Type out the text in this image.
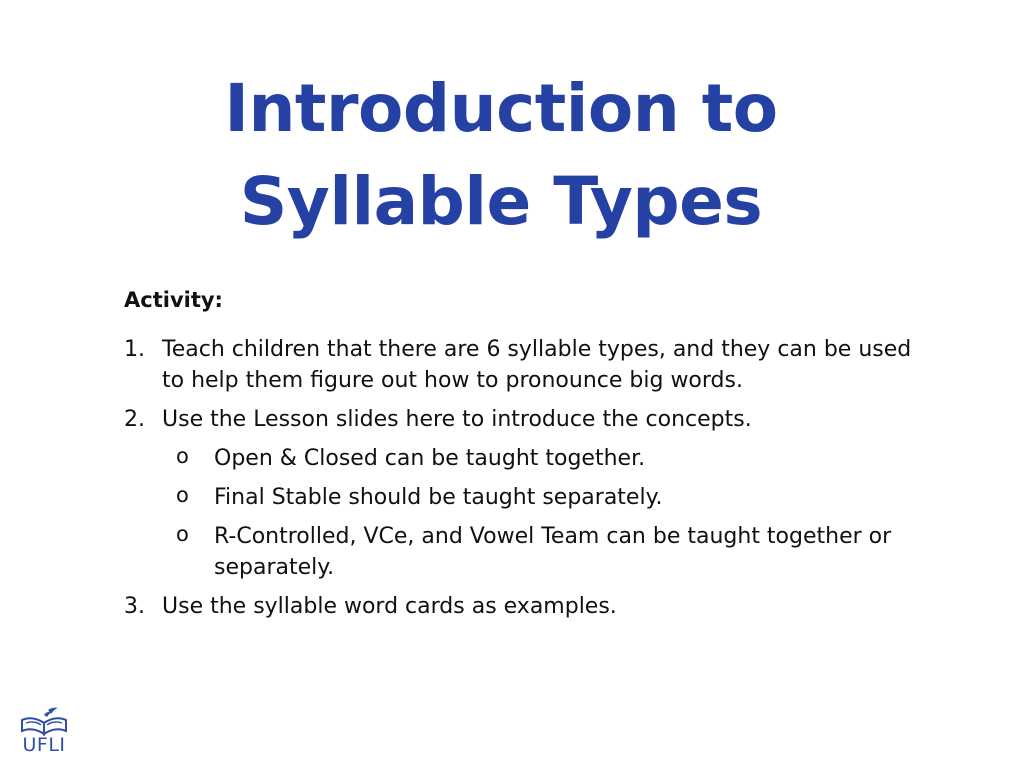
Introduction to
Syllable Types
Activity:
1. Teach children that there are 6 syllable types, and they can be used to help them figure out how to pronounce big words.
2. Use the Lesson slides here to introduce the concepts.
o Open & Closed can be taught together.
o Final Stable should be taught separately.
o R-Controlled, VCe, and Vowel Team can be taught together or separately.
3. Use the syllable word cards as examples.
UFLI
